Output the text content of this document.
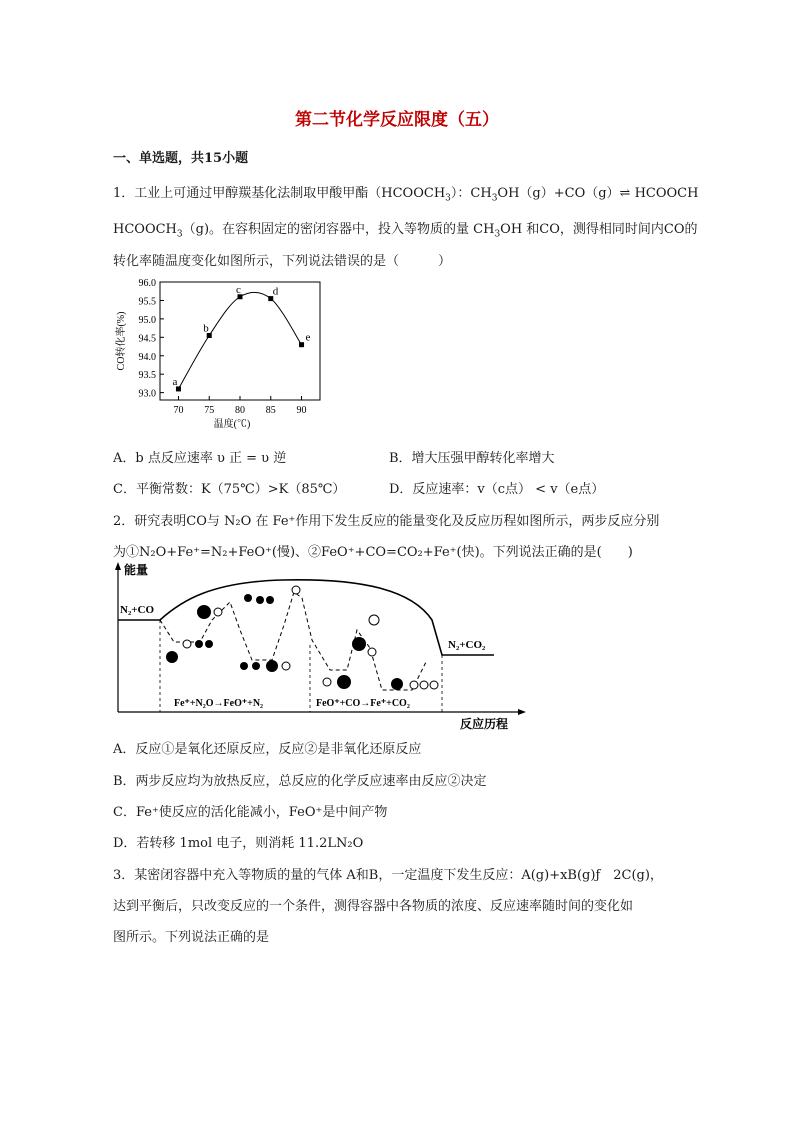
第二节化学反应限度（五）
一、单选题，共15小题
1．工业上可通过甲醇羰基化法制取甲酸甲酯$(HCOOCH_3)$：$CH_3OH(g)+CO(g)\rightleftharpoons$ HCOOCH
$HCOOCH_3(g)$。在容积固定的密闭容器中，投入等物质的量 $CH_3OH$ 和CO，测得相同时间内CO的
转化率随温度变化如图所示，下列说法错误的是（　　　）
93.0
93.5
94.0
94.5
95.0
95.5
96.0
70 75 80 85 90
温度(℃)
CO转化率(%)
a
b
c	d
e
A．b 点反应速率 υ 正 = υ 逆	B．增大压强甲醇转化率增大
C．平衡常数：K（75℃）>K（85℃）	D．反应速率：v（c点） < v（e点）
2．研究表明CO与 N₂O 在 Fe⁺作用下发生反应的能量变化及反应历程如图所示，两步反应分别
为①N₂O+Fe⁺=N₂+FeO⁺(慢)、②FeO⁺+CO=CO₂+Fe⁺(快)。下列说法正确的是(　　)
能量
反应历程
N₂+CO
N₂+CO₂
Fe⁺+N₂O→FeO⁺+N₂	FeO⁺+CO→Fe⁺+CO₂
A．反应①是氧化还原反应，反应②是非氧化还原反应
B．两步反应均为放热反应，总反应的化学反应速率由反应②决定
C．Fe⁺使反应的活化能减小，FeO⁺是中间产物
D．若转移 1mol 电子，则消耗 11.2LN₂O
3．某密闭容器中充入等物质的量的气体 A和B，一定温度下发生反应：A(g)+xB(g)ƒ　2C(g)，
达到平衡后，只改变反应的一个条件，测得容器中各物质的浓度、反应速率随时间的变化如
图所示。下列说法正确的是
